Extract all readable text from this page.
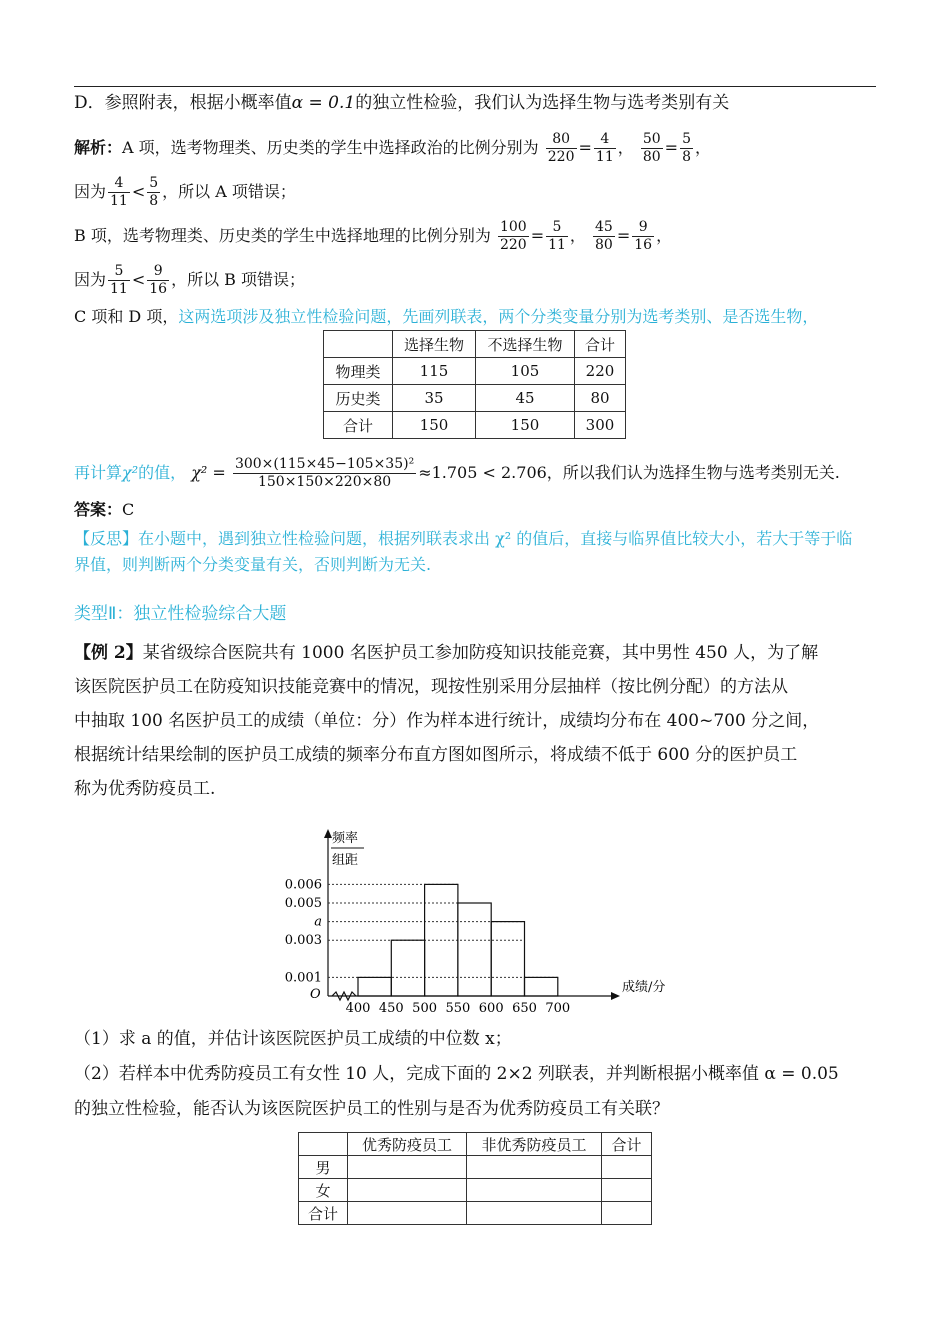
D．参照附表，根据小概率值α = 0.1的独立性检验，我们认为选择生物与选考类别有关
解析：A 项，选考物理类、历史类的学生中选择政治的比例分别为 $\frac{80}{220} = \frac{4}{11}$ ， $\frac{50}{80} = \frac{5}{8}$ ，
因为 $\frac{4}{11} < \frac{5}{8}$ ，所以 A 项错误；
B 项，选考物理类、历史类的学生中选择地理的比例分别为 $\frac{100}{220} = \frac{5}{11}$ ， $\frac{45}{80} = \frac{9}{16}$ ，
因为 $\frac{5}{11} < \frac{9}{16}$ ，所以 B 项错误；
C 项和 D 项，这两选项涉及独立性检验问题，先画列联表，两个分类变量分别为选考类别、是否选生物，
	选择生物	不选择生物	合计
物理类	115	105	220
历史类	35	45	80
合计	150	150	300
再计算χ²的值， $\chi^2 = \frac{\text{300×(115×45−105×35)²}}{150\times 150\times 220\times 80} \approx 1.705 < 2.706$，所以我们认为选择生物与选考类别无关.
答案：C
【反思】在小题中，遇到独立性检验问题，根据列联表求出 χ² 的值后，直接与临界值比较大小，若大于等于临
界值，则判断两个分类变量有关，否则判断为无关.
类型Ⅱ：独立性检验综合大题
【例 2】某省级综合医院共有 1000 名医护员工参加防疫知识技能竞赛，其中男性 450 人，为了解
该医院医护员工在防疫知识技能竞赛中的情况，现按性别采用分层抽样（按比例分配）的方法从
中抽取 100 名医护员工的成绩（单位：分）作为样本进行统计，成绩均分布在 400~700 分之间，
根据统计结果绘制的医护员工成绩的频率分布直方图如图所示，将成绩不低于 600 分的医护员工
称为优秀防疫员工.
频率
组距
O	成绩/分
0.001
a
0.003
0.005
0.006
400 450 500 550 600 650 700
（1）求 a 的值，并估计该医院医护员工成绩的中位数 x；
（2）若样本中优秀防疫员工有女性 10 人，完成下面的 2×2 列联表，并判断根据小概率值 α = 0.05
的独立性检验，能否认为该医院医护员工的性别与是否为优秀防疫员工有关联？
	优秀防疫员工	非优秀防疫员工	合计
男			
女			
合计			
